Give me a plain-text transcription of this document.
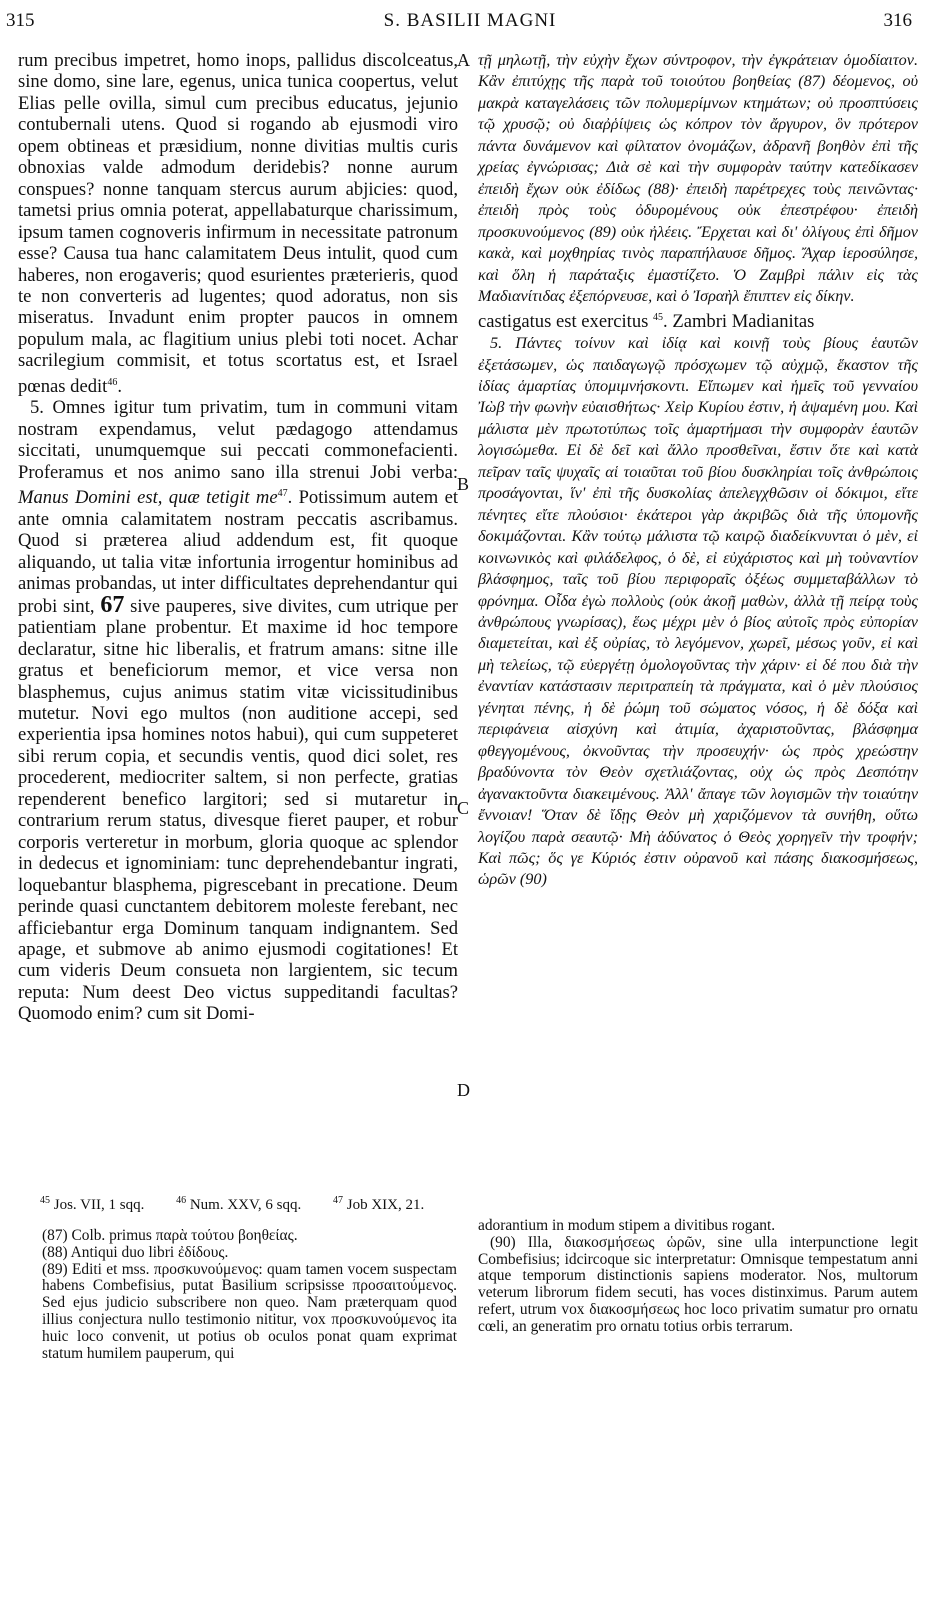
315	S. BASILII MAGNI	316

rum precibus impetret, homo inops, pallidus discolceatus, sine domo, sine lare, egenus, unica tunica coopertus, velut Elias pelle ovilla, simul cum precibus educatus, jejunio contubernali utens. Quod si rogando ab ejusmodi viro opem obtineas et præsidium, nonne divitias multis curis obnoxias valde admodum deridebis? nonne aurum conspues? nonne tanquam stercus aurum abjicies: quod, tametsi prius omnia poterat, appellabaturque charissimum, ipsum tamen cognoveris infirmum in necessitate patronum esse? Causa tua hanc calamitatem Deus intulit, quod cum haberes, non erogaveris; quod esurientes præterieris, quod te non converteris ad lugentes; quod adoratus, non sis miseratus. Invadunt enim propter paucos in omnem populum mala, ac flagitium unius plebi toti nocet. Achar sacrilegium commisit, et totus scortatus est, et Israel pœnas dedit$^{46}$.

5. Omnes igitur tum privatim, tum in communi vitam nostram expendamus, velut pædagogo attendamus siccitati, unumquemque sui peccati commonefacienti. Proferamus et nos animo sano illa strenui Jobi verba: Manus Domini est, quæ tetigit $me^{47}$. Potissimum autem et ante omnia calamitatem nostram peccatis ascribamus. Quod si præterea aliud addendum est, fit quoque aliquando, ut talia vitæ infortunia irrogentur hominibus ad animas probandas, ut inter difficultates deprehendantur qui probi sint, 67 sive pauperes, sive divites, cum utrique per patientiam plane probentur. Et maxime id hoc tempore declaratur, sitne hic liberalis, et fratrum amans: sitne ille gratus et beneficiorum memor, et vice versa non blasphemus, cujus animus statim vitæ vicissitudinibus mutetur. Novi ego multos (non auditione accepi, sed experientia ipsa homines notos habui), qui cum suppeteret sibi rerum copia, et secundis ventis, quod dici solet, res procederent, mediocriter saltem, si non perfecte, gratias rependerent benefico largitori; sed si mutaretur in contrarium rerum status, divesque fieret pauper, et robur corporis verteretur in morbum, gloria quoque ac splendor in dedecus et ignominiam: tunc deprehendebantur ingrati, loquebantur blasphema, pigrescebant in precatione. Deum perinde quasi cunctantem debitorem moleste ferebant, nec afficiebantur erga Dominum tanquam indignantem. Sed apage, et submove ab animo ejusmodi cogitationes! Et cum videris Deum consueta non largientem, sic tecum reputa: Num deest Deo victus suppeditandi facultas? Quomodo enim? cum sit Domi-

A
B
C
D

τῇ μηλωτῇ, τὴν εὐχὴν ἔχων σύντροφον, τὴν ἐγκράτειαν ὁμοδίαιτον. Κἂν ἐπιτύχῃς τῆς παρὰ τοῦ τοιούτου βοηθείας (87) δέομενος, οὐ μακρὰ καταγελάσεις τῶν πολυμερίμνων κτημάτων; οὐ προσπτύσεις τῷ χρυσῷ; οὐ διαῤῥίψεις ὡς κόπρον τὸν ἄργυρον, ὃν πρότερον πάντα δυνάμενον καὶ φίλτατον ὀνομάζων, ἀδρανῆ βοηθὸν ἐπὶ τῆς χρείας ἐγνώρισας; Διὰ σὲ καὶ τὴν συμφορὰν ταύτην κατεδίκασεν ἐπειδὴ ἔχων οὐκ ἐδίδως (88)· ἐπειδὴ παρέτρεχες τοὺς πεινῶντας· ἐπειδὴ πρὸς τοὺς ὀδυρομένους οὐκ ἐπεστρέφου· ἐπειδὴ προσκυνούμενος (89) οὐκ ἠλέεις. Ἔρχεται καὶ δι' ὀλίγους ἐπὶ δῆμον κακὰ, καὶ μοχθηρίας τινὸς παραπήλαυσε δῆμος. Ἄχαρ ἱεροσύλησε, καὶ ὅλη ἡ παράταξις ἐμαστίζετο. Ὁ Ζαμβρὶ πάλιν εἰς τὰς Μαδιανίτιδας ἐξεπόρνευσε, καὶ ὁ Ἰσραὴλ ἔπιπτεν εἰς δίκην.

castigatus est exercitus $^{45}$. Zambri Madianitas

5. Πάντες τοίνυν καὶ ἰδίᾳ καὶ κοινῇ τοὺς βίους ἑαυτῶν ἐξετάσωμεν, ὡς παιδαγωγῷ πρόσχωμεν τῷ αὐχμῷ, ἕκαστον τῆς ἰδίας ἁμαρτίας ὑπομιμνήσκοντι. Εἴπωμεν καὶ ἡμεῖς τοῦ γενναίου Ἰὼβ τὴν φωνὴν εὐαισθήτως· Χεὶρ Κυρίου ἐστιν, ἡ ἁψαμένη μου. Καὶ μάλιστα μὲν πρωτοτύπως τοῖς ἁμαρτήμασι τὴν συμφορὰν ἑαυτῶν λογισώμεθα. Εἰ δὲ δεῖ καὶ ἄλλο προσθεῖναι, ἔστιν ὅτε καὶ κατὰ πεῖραν ταῖς ψυχαῖς αἱ τοιαῦται τοῦ βίου δυσκληρίαι τοῖς ἀνθρώποις προσάγονται, ἵν' ἐπὶ τῆς δυσκολίας ἀπελεγχθῶσιν οἱ δόκιμοι, εἴτε πένητες εἴτε πλούσιοι· ἑκάτεροι γὰρ ἀκριβῶς διὰ τῆς ὑπομονῆς δοκιμάζονται. Κἂν τούτῳ μάλιστα τῷ καιρῷ διαδείκνυνται ὁ μὲν, εἰ κοινωνικὸς καὶ φιλάδελφος, ὁ δὲ, εἰ εὐχάριστος καὶ μὴ τοὐναντίον βλάσφημος, ταῖς τοῦ βίου περιφοραῖς ὀξέως συμμεταβάλλων τὸ φρόνημα. Οἶδα ἐγὼ πολλοὺς (οὐκ ἀκοῇ μαθὼν, ἀλλὰ τῇ πείρᾳ τοὺς ἀνθρώπους γνωρίσας), ἕως μέχρι μὲν ὁ βίος αὐτοῖς πρὸς εὐπορίαν διαμετείται, καὶ ἐξ οὐρίας, τὸ λεγόμενον, χωρεῖ, μέσως γοῦν, εἰ καὶ μὴ τελείως, τῷ εὐεργέτῃ ὁμολογοῦντας τὴν χάριν· εἰ δέ που διὰ τὴν ἐναντίαν κατάστασιν περιτραπείη τὰ πράγματα, καὶ ὁ μὲν πλούσιος γένηται πένης, ἡ δὲ ῥώμη τοῦ σώματος νόσος, ἡ δὲ δόξα καὶ περιφάνεια αἰσχύνη καὶ ἀτιμία, ἀχαριστοῦντας, βλάσφημα φθεγγομένους, ὀκνοῦντας τὴν προσευχήν· ὡς πρὸς χρεώστην βραδύνοντα τὸν Θεὸν σχετλιάζοντας, οὐχ ὡς πρὸς Δεσπότην ἀγανακτοῦντα διακειμένους. Ἀλλ' ἄπαγε τῶν λογισμῶν τὴν τοιαύτην ἔννοιαν! Ὅταν δὲ ἴδῃς Θεὸν μὴ χαριζόμενον τὰ συνήθη, οὕτω λογίζου παρὰ σεαυτῷ· Μὴ ἀδύνατος ὁ Θεὸς χορηγεῖν τὴν τροφήν; Καὶ πῶς; ὅς γε Κύριός ἐστιν οὐρανοῦ καὶ πάσης διακοσμήσεως, ὡρῶν (90)

$^{45}$ Jos. VII, 1 sqq.	$^{46}$ Num. XXV, 6 sqq.	$^{47}$ Job XIX, 21.

(87) Colb. primus παρὰ τούτου βοηθείας.

(88) Antiqui duo libri ἐδίδους.

(89) Editi et mss. προσκυνούμενος: quam tamen vocem suspectam habens Combefisius, putat Basilium scripsisse προσαιτούμενος. Sed ejus judicio subscribere non queo. Nam præterquam quod illius conjectura nullo testimonio nititur, vox προσκυνούμενος ita huic loco convenit, ut potius ob oculos ponat quam exprimat statum humilem pauperum, qui

adorantium in modum stipem a divitibus rogant.

(90) Illa, διακοσμήσεως ὡρῶν, sine ulla interpunctione legit Combefisius; idcircoque sic interpretatur: Omnisque tempestatum anni atque temporum distinctionis sapiens moderator. Nos, multorum veterum librorum fidem secuti, has voces distinximus. Parum autem refert, utrum vox διακοσμήσεως hoc loco privatim sumatur pro ornatu cœli, an generatim pro ornatu totius orbis terrarum.
